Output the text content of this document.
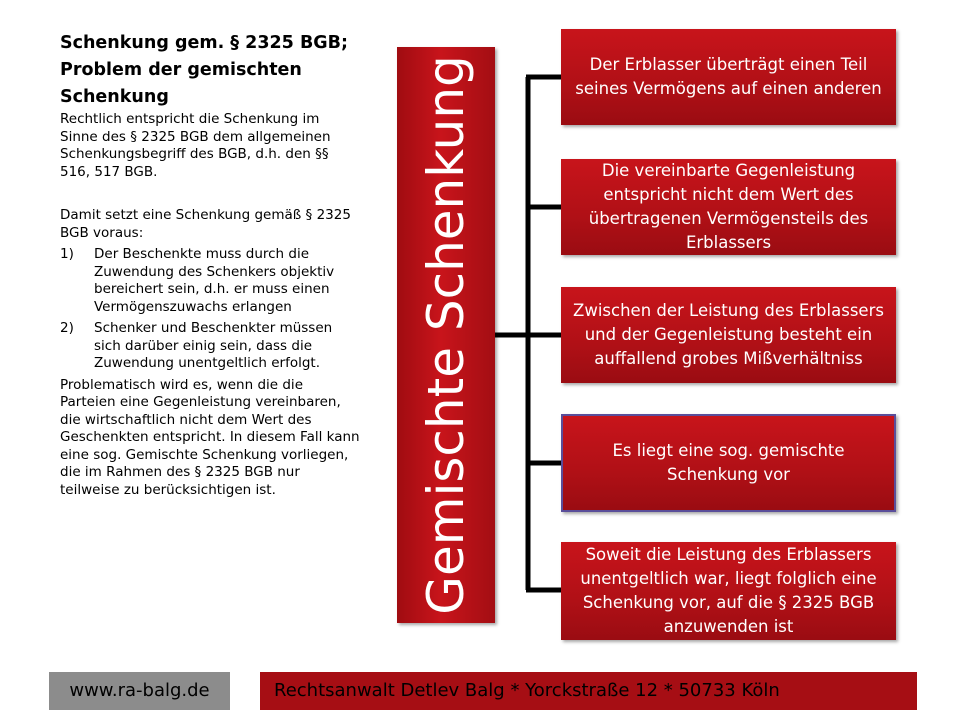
Schenkung gem. § 2325 BGB; Problem der gemischten Schenkung

Rechtlich entspricht die Schenkung im Sinne des § 2325 BGB dem allgemeinen Schenkungsbegriff des BGB, d.h. den §§ 516, 517 BGB.

Damit setzt eine Schenkung gemäß § 2325 BGB voraus:

1)	Der Beschenkte muss durch die Zuwendung des Schenkers objektiv bereichert sein, d.h. er muss einen Vermögenszuwachs erlangen
2)	Schenker und Beschenkter müssen sich darüber einig sein, dass die Zuwendung unentgeltlich erfolgt.

Problematisch wird es, wenn die die Parteien eine Gegenleistung vereinbaren, die wirtschaftlich nicht dem Wert des Geschenkten entspricht. In diesem Fall kann eine sog. Gemischte Schenkung vorliegen, die im Rahmen des § 2325 BGB nur teilweise zu berücksichtigen ist.	Gemischte Schenkung	Der Erblasser überträgt einen Teil seines Vermögens auf einen anderen
Die vereinbarte Gegenleistung entspricht nicht dem Wert des übertragenen Vermögensteils des Erblassers
Zwischen der Leistung des Erblassers und der Gegenleistung besteht ein auffallend grobes Mißverhältniss
Es liegt eine sog. gemischte Schenkung vor
Soweit die Leistung des Erblassers unentgeltlich war, liegt folglich eine Schenkung vor, auf die § 2325 BGB anzuwenden ist
www.ra-balg.de	Rechtsanwalt Detlev Balg * Yorckstraße 12 * 50733 Köln
